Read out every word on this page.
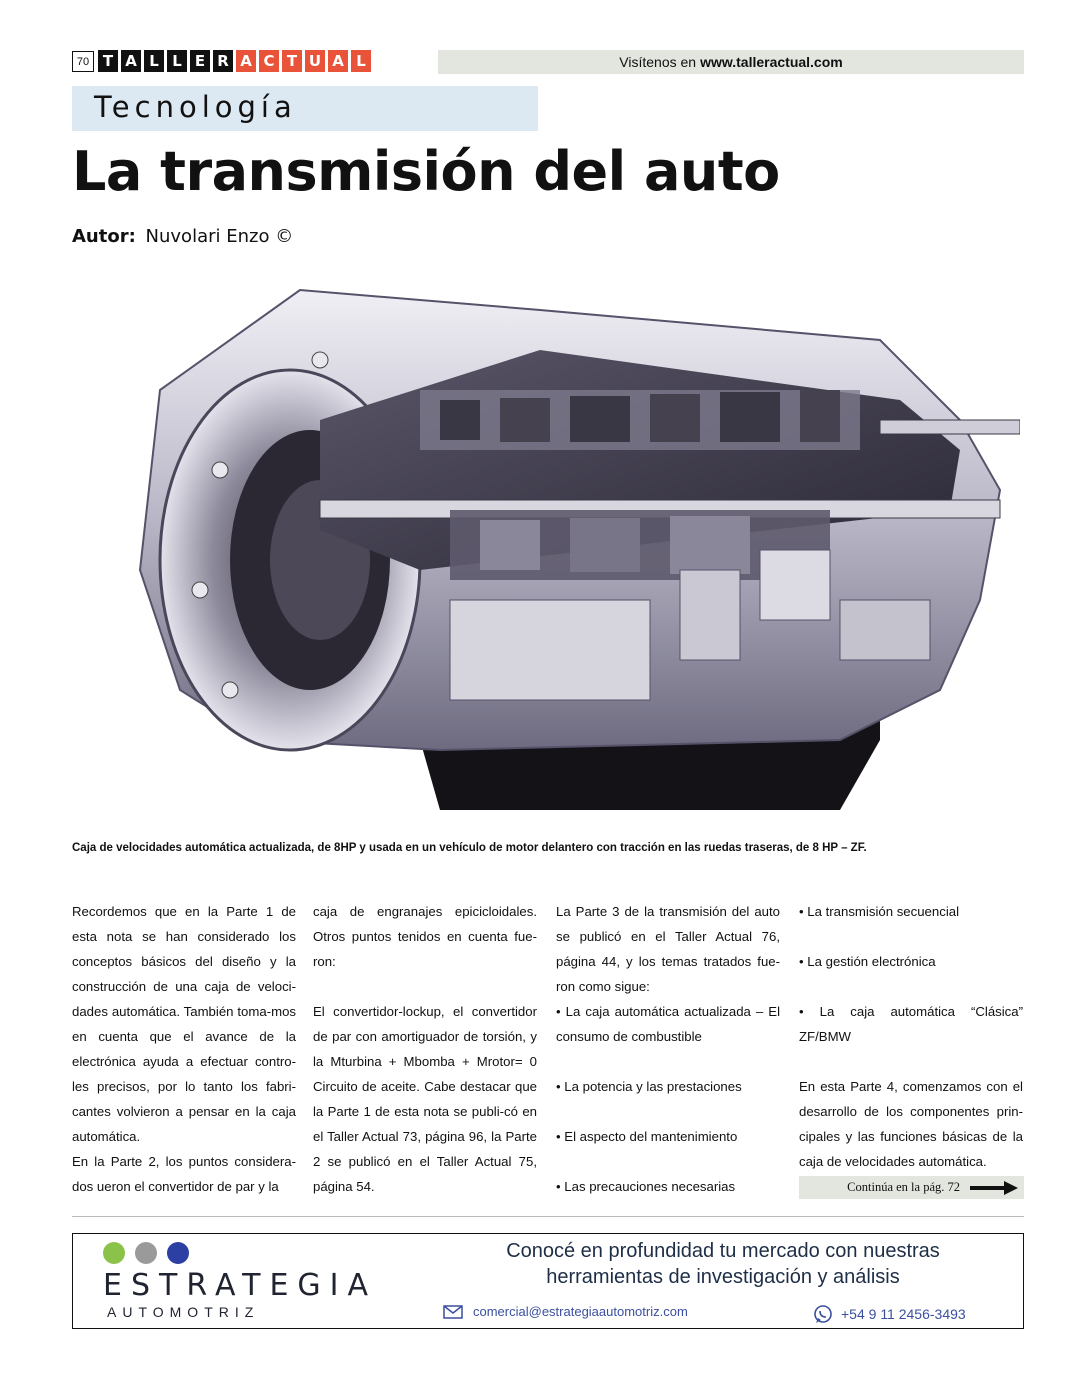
70 T A L L E R A C T U A L	Visítenos en www.talleractual.com
Tecnología
La transmisión del auto
Autor: Nuvolari Enzo ©
Caja de velocidades automática actualizada, de 8HP y usada en un vehículo de motor delantero con tracción en las ruedas traseras, de 8 HP – ZF.

Recordemos que en la Parte 1 de esta nota se han considerado los conceptos básicos del diseño y la construcción de una caja de veloci-dades automática. También toma-mos en cuenta que el avance de la electrónica ayuda a efectuar contro-les precisos, por lo tanto los fabri-cantes volvieron a pensar en la caja automática.

En la Parte 2, los puntos considera-dos ueron el convertidor de par y la

caja de engranajes epicicloidales. Otros puntos tenidos en cuenta fue-ron:

El convertidor-lockup, el convertidor de par con amortiguador de torsión, y la Mturbina + Mbomba + Mrotor= 0 Circuito de aceite. Cabe destacar que la Parte 1 de esta nota se publi-có en el Taller Actual 73, página 96, la Parte 2 se publicó en el Taller Actual 75, página 54.

La Parte 3 de la transmisión del auto se publicó en el Taller Actual 76, página 44, y los temas tratados fue-ron como sigue:

• La caja automática actualizada – El consumo de combustible

• La potencia y las prestaciones

• El aspecto del mantenimiento

• Las precauciones necesarias

• La transmisión secuencial

• La gestión electrónica

• La caja automática “Clásica” ZF/BMW

En esta Parte 4, comenzamos con el desarrollo de los componentes prin-cipales y las funciones básicas de la caja de velocidades automática.

Continúa en la pág.
72
ESTRATEGIA
AUTOMOTRIZ
Conocé en profundidad tu mercado con nuestras
herramientas de investigación y análisis
comercial@estrategiaautomotriz.com	+54 9 11 2456-3493
